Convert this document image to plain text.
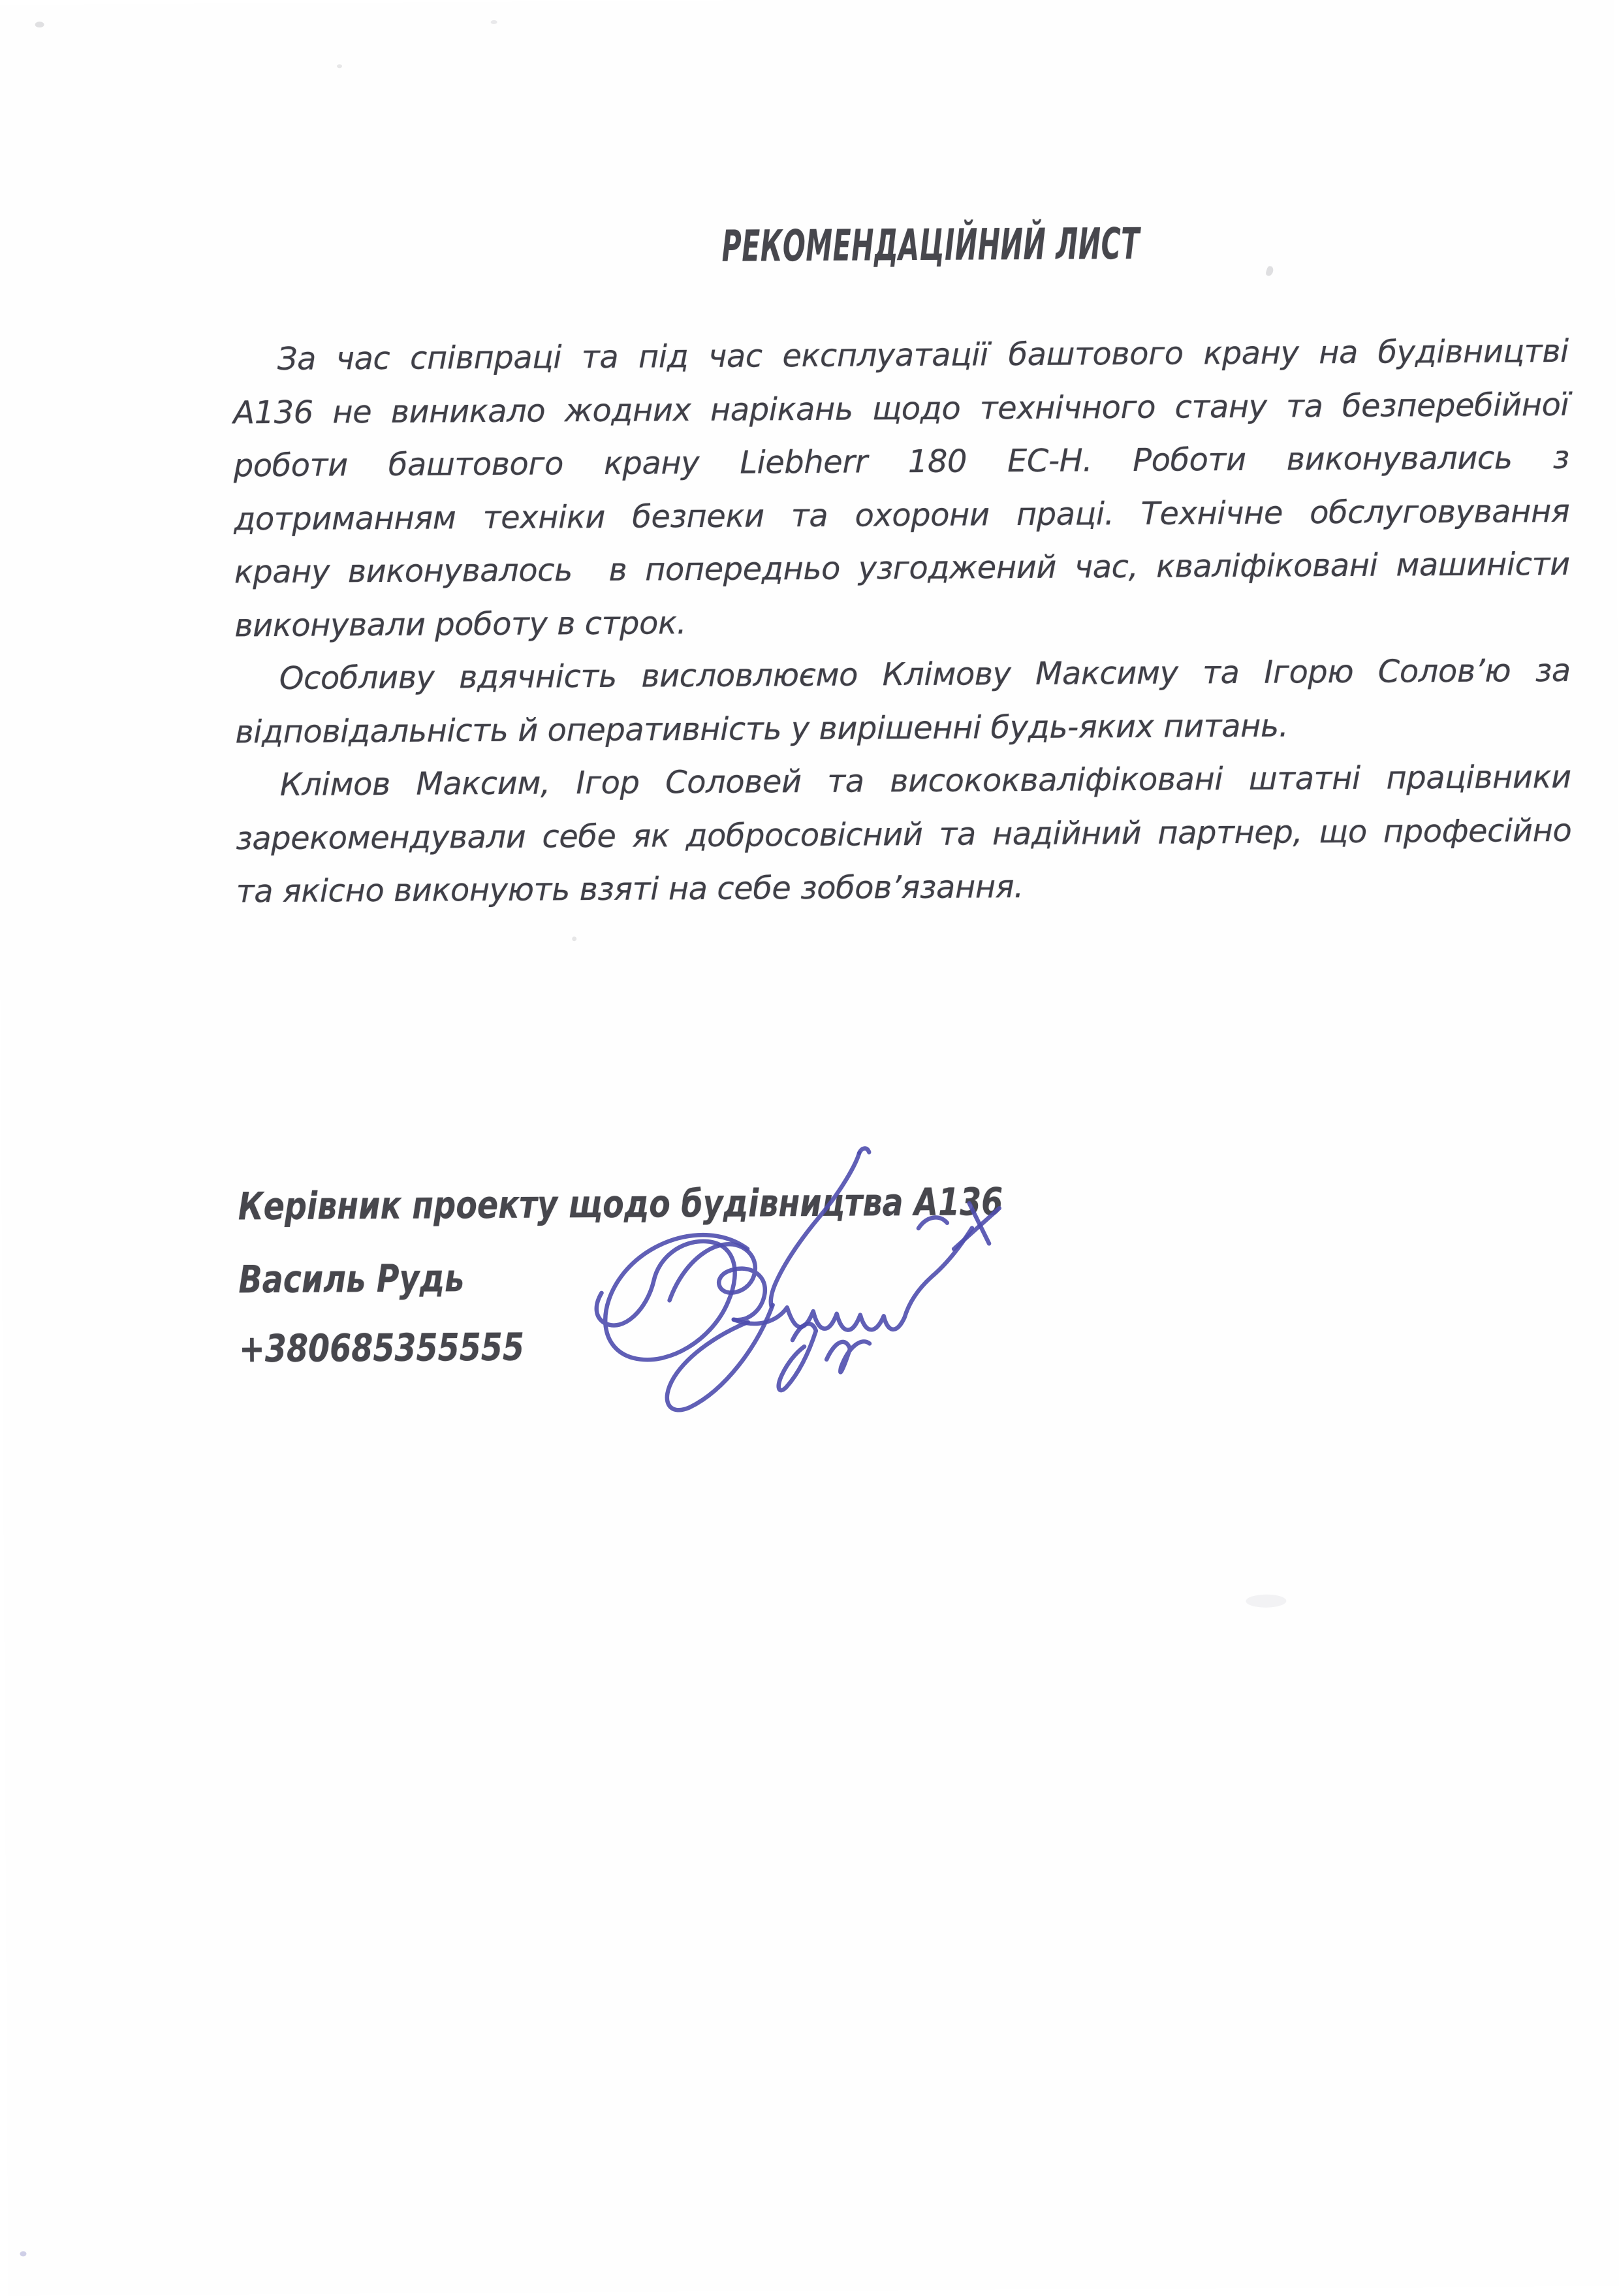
РЕКОМЕНДАЦІЙНИЙ ЛИСТ
За час співпраці та під час експлуатації баштового крану на будівництві
А136 не виникало жодних нарікань щодо технічного стану та безперебійної
роботи баштового крану Liebherr 180 EC-H. Роботи виконувались з
дотриманням техніки безпеки та охорони праці. Технічне обслуговування
крану виконувалось  в попередньо узгоджений час, кваліфіковані машиністи
виконували роботу в строк.
Особливу вдячність висловлюємо Клімову Максиму та Ігорю Солов’ю за
відповідальність й оперативність у вирішенні будь-яких питань.
Клімов Максим, Ігор Соловей та висококваліфіковані штатні працівники
зарекомендували себе як добросовісний та надійний партнер, що професійно
та якісно виконують взяті на себе зобов’язання.
Керівник проекту щодо будівництва А136
Василь Рудь
+380685355555
